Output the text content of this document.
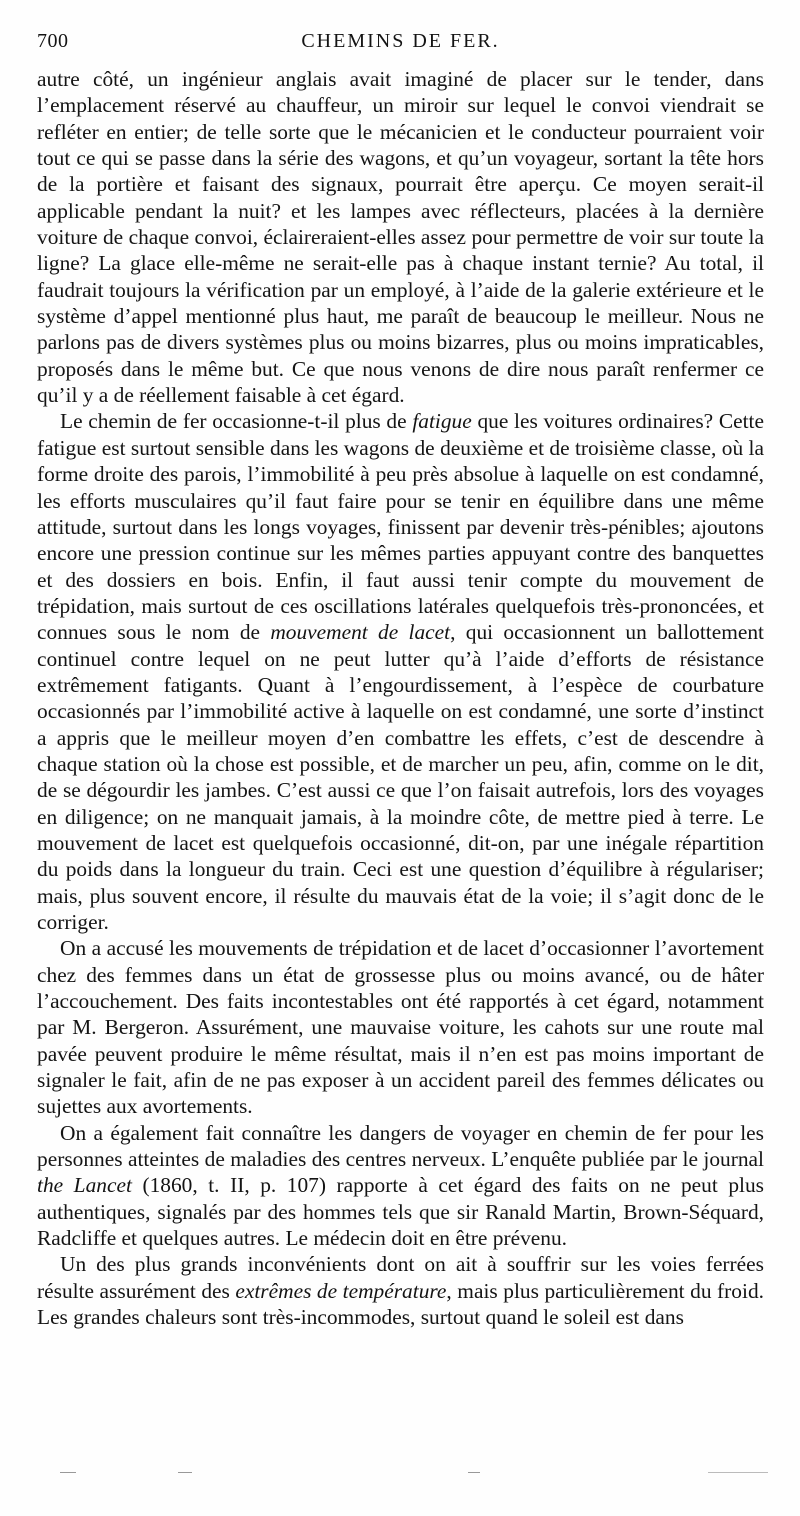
700	CHEMINS DE FER.

autre côté, un ingénieur anglais avait imaginé de placer sur le tender, dans l’emplacement réservé au chauffeur, un miroir sur lequel le convoi viendrait se refléter en entier; de telle sorte que le mécanicien et le conducteur pourraient voir tout ce qui se passe dans la série des wagons, et qu’un voyageur, sortant la tête hors de la portière et faisant des signaux, pourrait être aperçu. Ce moyen serait-il applicable pendant la nuit? et les lampes avec réflecteurs, placées à la dernière voiture de chaque convoi, éclaireraient-elles assez pour permettre de voir sur toute la ligne? La glace elle-même ne serait-elle pas à chaque instant ternie? Au total, il faudrait toujours la vérification par un employé, à l’aide de la galerie extérieure et le système d’appel mentionné plus haut, me paraît de beaucoup le meilleur. Nous ne parlons pas de divers systèmes plus ou moins bizarres, plus ou moins impraticables, proposés dans le même but. Ce que nous venons de dire nous paraît renfermer ce qu’il y a de réellement faisable à cet égard.

Le chemin de fer occasionne-t-il plus de fatigue que les voitures ordinaires? Cette fatigue est surtout sensible dans les wagons de deuxième et de troisième classe, où la forme droite des parois, l’immobilité à peu près absolue à laquelle on est condamné, les efforts musculaires qu’il faut faire pour se tenir en équilibre dans une même attitude, surtout dans les longs voyages, finissent par devenir très-pénibles; ajoutons encore une pression continue sur les mêmes parties appuyant contre des banquettes et des dossiers en bois. Enfin, il faut aussi tenir compte du mouvement de trépidation, mais surtout de ces oscillations latérales quelquefois très-prononcées, et connues sous le nom de mouvement de lacet, qui occasionnent un ballottement continuel contre lequel on ne peut lutter qu’à l’aide d’efforts de résistance extrêmement fatigants. Quant à l’engourdissement, à l’espèce de courbature occasionnés par l’immobilité active à laquelle on est condamné, une sorte d’instinct a appris que le meilleur moyen d’en combattre les effets, c’est de descendre à chaque station où la chose est possible, et de marcher un peu, afin, comme on le dit, de se dégourdir les jambes. C’est aussi ce que l’on faisait autrefois, lors des voyages en diligence; on ne manquait jamais, à la moindre côte, de mettre pied à terre. Le mouvement de lacet est quelquefois occasionné, dit-on, par une inégale répartition du poids dans la longueur du train. Ceci est une question d’équilibre à régulariser; mais, plus souvent encore, il résulte du mauvais état de la voie; il s’agit donc de le corriger.

On a accusé les mouvements de trépidation et de lacet d’occasionner l’avortement chez des femmes dans un état de grossesse plus ou moins avancé, ou de hâter l’accouchement. Des faits incontestables ont été rapportés à cet égard, notamment par M. Bergeron. Assurément, une mauvaise voiture, les cahots sur une route mal pavée peuvent produire le même résultat, mais il n’en est pas moins important de signaler le fait, afin de ne pas exposer à un accident pareil des femmes délicates ou sujettes aux avortements.

On a également fait connaître les dangers de voyager en chemin de fer pour les personnes atteintes de maladies des centres nerveux. L’enquête publiée par le journal the Lancet (1860, t. II, p. 107) rapporte à cet égard des faits on ne peut plus authentiques, signalés par des hommes tels que sir Ranald Martin, Brown-Séquard, Radcliffe et quelques autres. Le médecin doit en être prévenu.

Un des plus grands inconvénients dont on ait à souffrir sur les voies ferrées résulte assurément des extrêmes de température, mais plus particulièrement du froid. Les grandes chaleurs sont très-incommodes, surtout quand le soleil est dans
